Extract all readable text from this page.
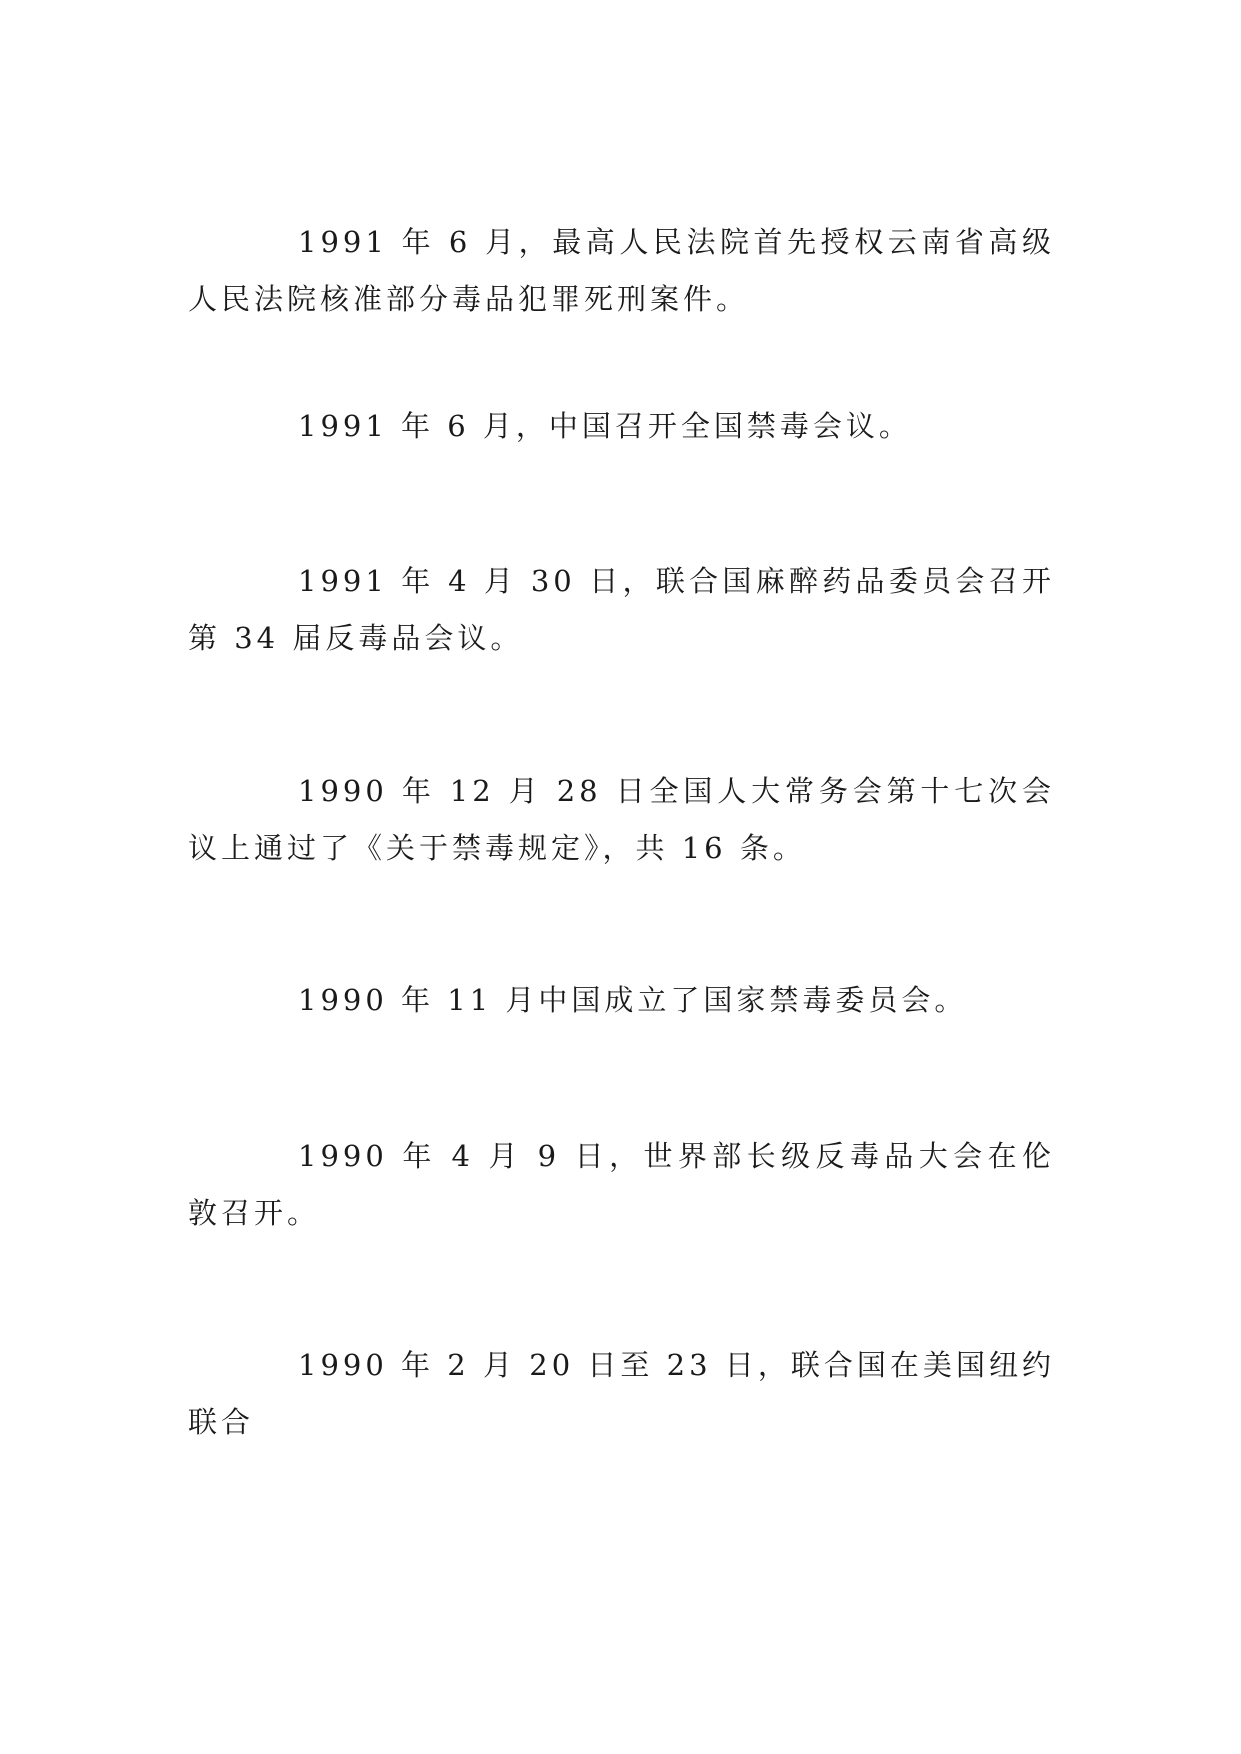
1991 年 6 月，最高人民法院首先授权云南省高级人民法院核准部分毒品犯罪死刑案件。

1991 年 6 月，中国召开全国禁毒会议。

1991 年 4 月 30 日，联合国麻醉药品委员会召开第 34 届反毒品会议。

1990 年 12 月 28 日全国人大常务会第十七次会议上通过了《关于禁毒规定》，共 16 条。

1990 年 11 月中国成立了国家禁毒委员会。

1990 年 4 月 9 日，世界部长级反毒品大会在伦敦召开。

1990 年 2 月 20 日至 23 日，联合国在美国纽约联合
